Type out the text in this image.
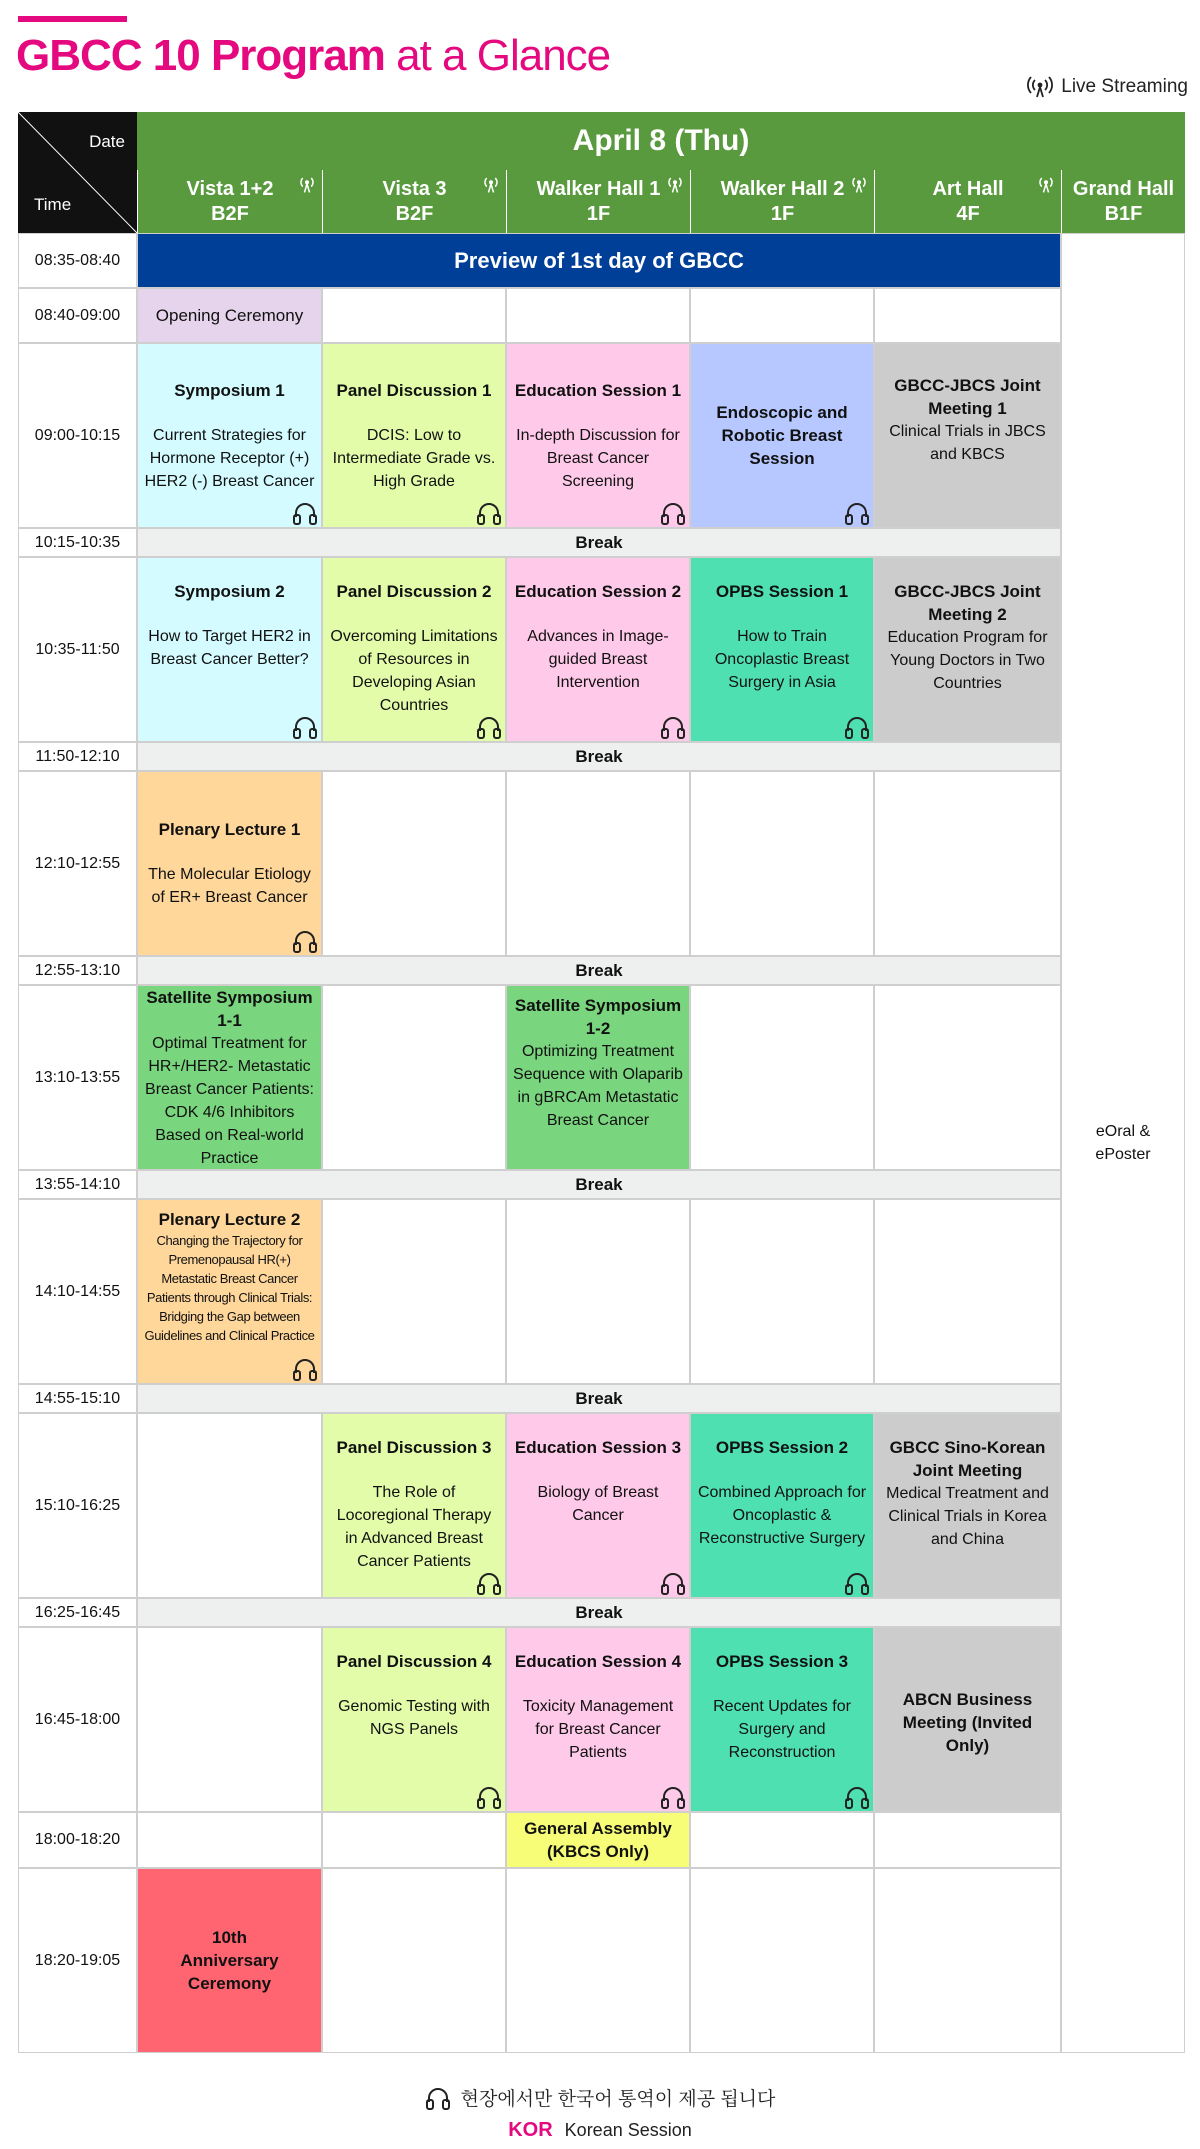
GBCC 10 Program at a Glance
Live Streaming
Date
Time
April 8 (Thu)
Vista 1+2
B2F
Vista 3
B2F
Walker Hall 1
1F
Walker Hall 2
1F
Art Hall
4F
Grand Hall
B1F
08:35-08:40
08:40-09:00
09:00-10:15
10:15-10:35
10:35-11:50
11:50-12:10
12:10-12:55
12:55-13:10
13:10-13:55
13:55-14:10
14:10-14:55
14:55-15:10
15:10-16:25
16:25-16:45
16:45-18:00
18:00-18:20
18:20-19:05
Preview of 1st day of GBCC
eOral & ePoster
Opening Ceremony
Symposium 1
Current Strategies for Hormone Receptor (+) HER2 (-) Breast Cancer
Panel Discussion 1
DCIS: Low to Intermediate Grade vs. High Grade
Education Session 1
In-depth Discussion for Breast Cancer Screening
Endoscopic and Robotic Breast Session
GBCC-JBCS Joint Meeting 1
Clinical Trials in JBCS and KBCS
Break
Symposium 2
How to Target HER2 in Breast Cancer Better?
Panel Discussion 2
Overcoming Limitations of Resources in Developing Asian Countries
Education Session 2
Advances in Image-guided Breast Intervention
OPBS Session 1
How to Train Oncoplastic Breast Surgery in Asia
GBCC-JBCS Joint Meeting 2
Education Program for Young Doctors in Two Countries
Break
Plenary Lecture 1
The Molecular Etiology of ER+ Breast Cancer
Break
Satellite Symposium 1-1
Optimal Treatment for HR+/HER2- Metastatic Breast Cancer Patients: CDK 4/6 Inhibitors Based on Real-world Practice
Satellite Symposium 1-2
Optimizing Treatment Sequence with Olaparib in gBRCAm Metastatic Breast Cancer
Break
Plenary Lecture 2
Changing the Trajectory for Premenopausal HR(+) Metastatic Breast Cancer Patients through Clinical Trials: Bridging the Gap between Guidelines and Clinical Practice
Break
Panel Discussion 3
The Role of Locoregional Therapy in Advanced Breast Cancer Patients
Education Session 3
Biology of Breast Cancer
OPBS Session 2
Combined Approach for Oncoplastic & Reconstructive Surgery
GBCC Sino-Korean Joint Meeting
Medical Treatment and Clinical Trials in Korea and China
Break
Panel Discussion 4
Genomic Testing with NGS Panels
Education Session 4
Toxicity Management for Breast Cancer Patients
OPBS Session 3
Recent Updates for Surgery and Reconstruction
ABCN Business Meeting (Invited Only)
General Assembly (KBCS Only)
10th Anniversary Ceremony
현장에서만 한국어 통역이 제공 됩니다
KOR Korean Session
